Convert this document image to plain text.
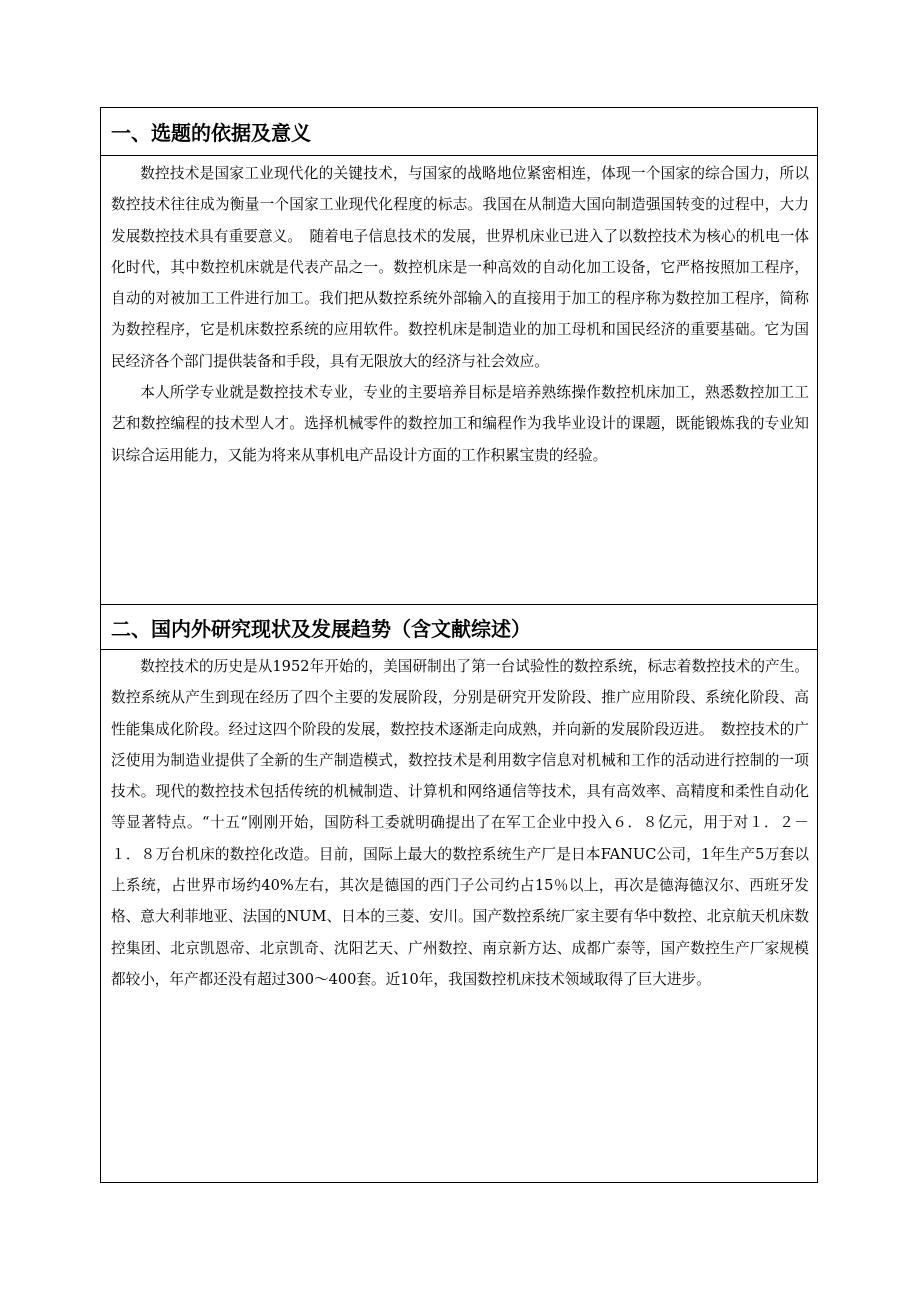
一、选题的依据及意义

数控技术是国家工业现代化的关键技术，与国家的战略地位紧密相连，体现一个国家的综合国力，所以数控技术往往成为衡量一个国家工业现代化程度的标志。我国在从制造大国向制造强国转变的过程中，大力发展数控技术具有重要意义。　随着电子信息技术的发展，世界机床业已进入了以数控技术为核心的机电一体化时代，其中数控机床就是代表产品之一。数控机床是一种高效的自动化加工设备，它严格按照加工程序，自动的对被加工工件进行加工。我们把从数控系统外部输入的直接用于加工的程序称为数控加工程序，简称为数控程序，它是机床数控系统的应用软件。数控机床是制造业的加工母机和国民经济的重要基础。它为国民经济各个部门提供装备和手段，具有无限放大的经济与社会效应。

本人所学专业就是数控技术专业，专业的主要培养目标是培养熟练操作数控机床加工，熟悉数控加工工艺和数控编程的技术型人才。选择机械零件的数控加工和编程作为我毕业设计的课题，既能锻炼我的专业知识综合运用能力，又能为将来从事机电产品设计方面的工作积累宝贵的经验。

二、国内外研究现状及发展趋势（含文献综述）

数控技术的历史是从1952年开始的，美国研制出了第一台试验性的数控系统，标志着数控技术的产生。数控系统从产生到现在经历了四个主要的发展阶段，分别是研究开发阶段、推广应用阶段、系统化阶段、高性能集成化阶段。经过这四个阶段的发展，数控技术逐渐走向成熟，并向新的发展阶段迈进。　数控技术的广泛使用为制造业提供了全新的生产制造模式，数控技术是利用数字信息对机械和工作的活动进行控制的一项技术。现代的数控技术包括传统的机械制造、计算机和网络通信等技术，具有高效率、高精度和柔性自动化等显著特点。“十五“刚刚开始，国防科工委就明确提出了在军工企业中投入６．８亿元，用于对１．２－１．８万台机床的数控化改造。目前，国际上最大的数控系统生产厂是日本FANUC公司，1年生产5万套以上系统，占世界市场约40%左右，其次是德国的西门子公司约占15％以上，再次是德海德汉尔、西班牙发格、意大利菲地亚、法国的NUM、日本的三菱、安川。国产数控系统厂家主要有华中数控、北京航天机床数控集团、北京凯恩帝、北京凯奇、沈阳艺天、广州数控、南京新方达、成都广泰等，国产数控生产厂家规模都较小，年产都还没有超过300～400套。近10年，我国数控机床技术领域取得了巨大进步。
